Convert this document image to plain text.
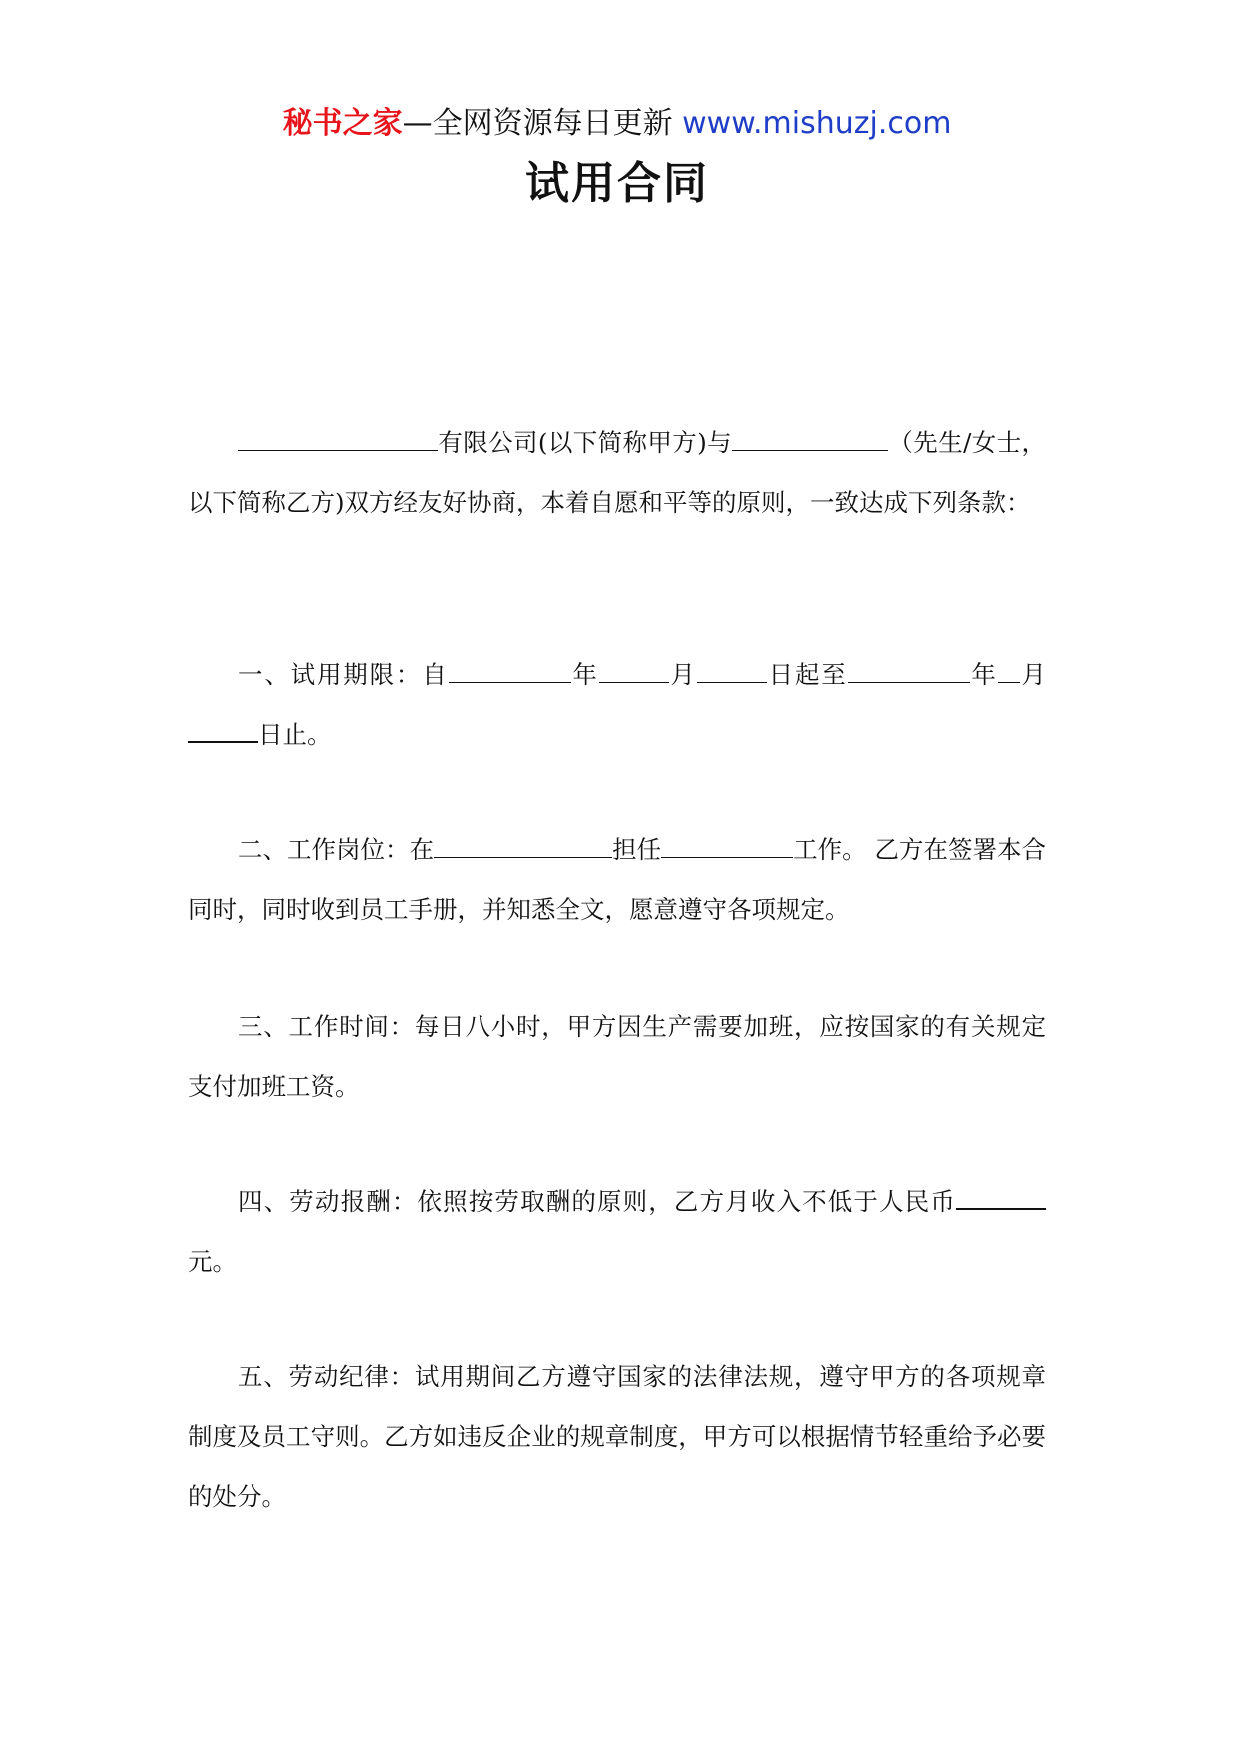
秘书之家—全网资源每日更新 www.mishuzj.com
试用合同

有限公司(以下简称甲方)与	（先生/女士，以下简称乙方)双方经友好协商，本着自愿和平等的原则，一致达成下列条款：

一、试用期限：自	年	月	日起至	年 月日止。

二、工作岗位：在	担任	工作。 乙方在签署本合同时，同时收到员工手册，并知悉全文，愿意遵守各项规定。

三、工作时间：每日八小时，甲方因生产需要加班，应按国家的有关规定支付加班工资。

四、劳动报酬：依照按劳取酬的原则，乙方月收入不低于人民币元。

五、劳动纪律：试用期间乙方遵守国家的法律法规，遵守甲方的各项规章制度及员工守则。乙方如违反企业的规章制度，甲方可以根据情节轻重给予必要的处分。
